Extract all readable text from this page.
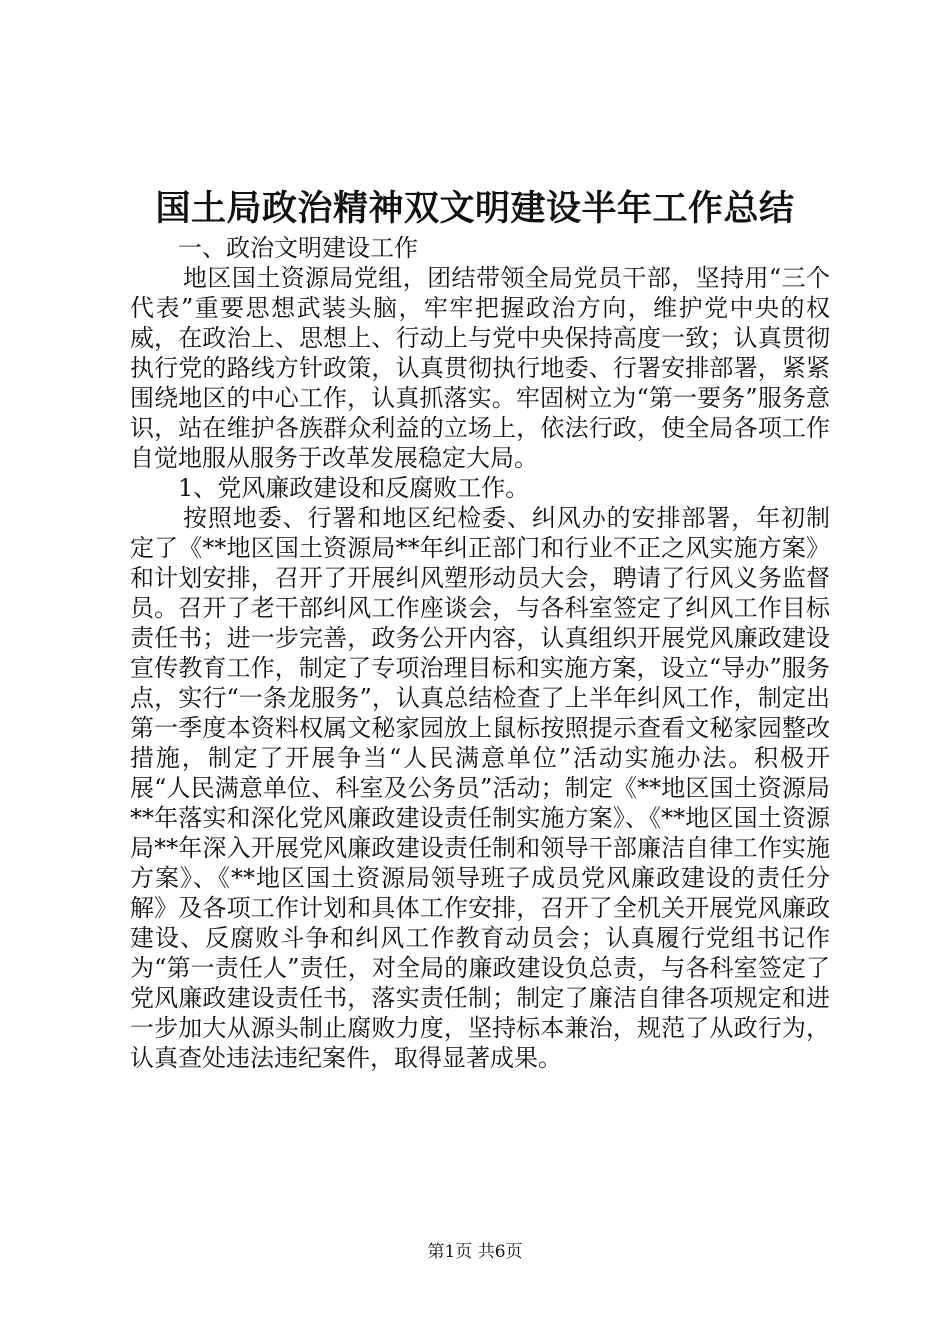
国土局政治精神双文明建设半年工作总结

一、政治文明建设工作

地区国土资源局党组，团结带领全局党员干部，坚持用“三个代表”重要思想武装头脑，牢牢把握政治方向，维护党中央的权威，在政治上、思想上、行动上与党中央保持高度一致；认真贯彻执行党的路线方针政策，认真贯彻执行地委、行署安排部署，紧紧围绕地区的中心工作，认真抓落实。牢固树立为“第一要务”服务意识，站在维护各族群众利益的立场上，依法行政，使全局各项工作自觉地服从服务于改革发展稳定大局。

1、党风廉政建设和反腐败工作。

按照地委、行署和地区纪检委、纠风办的安排部署，年初制定了《**地区国土资源局**年纠正部门和行业不正之风实施方案》和计划安排，召开了开展纠风塑形动员大会，聘请了行风义务监督员。召开了老干部纠风工作座谈会，与各科室签定了纠风工作目标责任书；进一步完善，政务公开内容，认真组织开展党风廉政建设宣传教育工作，制定了专项治理目标和实施方案，设立“导办”服务点，实行“一条龙服务”，认真总结检查了上半年纠风工作，制定出第一季度本资料权属文秘家园放上鼠标按照提示查看文秘家园整改措施，制定了开展争当“人民满意单位”活动实施办法。积极开展“人民满意单位、科室及公务员”活动；制定《**地区国土资源局**年落实和深化党风廉政建设责任制实施方案》、《**地区国土资源局**年深入开展党风廉政建设责任制和领导干部廉洁自律工作实施方案》、《**地区国土资源局领导班子成员党风廉政建设的责任分解》及各项工作计划和具体工作安排，召开了全机关开展党风廉政建设、反腐败斗争和纠风工作教育动员会；认真履行党组书记作为“第一责任人”责任，对全局的廉政建设负总责，与各科室签定了党风廉政建设责任书，落实责任制；制定了廉洁自律各项规定和进一步加大从源头制止腐败力度，坚持标本兼治，规范了从政行为，认真查处违法违纪案件，取得显著成果。

第1页 共6页
